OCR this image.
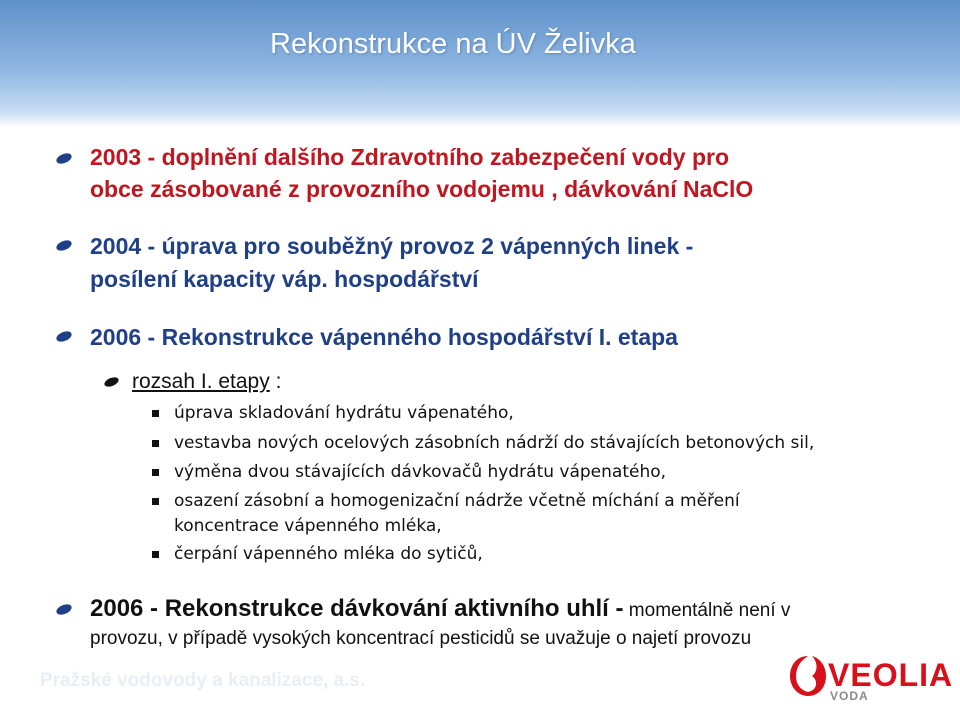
Rekonstrukce na ÚV Želivka
2003 - doplnění dalšího Zdravotního zabezpečení vody pro
obce zásobované z provozního vodojemu , dávkování NaClO
2004 - úprava pro souběžný provoz 2 vápenných linek -
posílení kapacity váp. hospodářství
2006 - Rekonstrukce vápenného hospodářství I. etapa
rozsah I. etapy :
úprava skladování hydrátu vápenatého,
vestavba nových ocelových zásobních nádrží do stávajících betonových sil,
výměna dvou stávajících dávkovačů hydrátu vápenatého,
osazení zásobní a homogenizační nádrže včetně míchání a měření
koncentrace vápenného mléka,
čerpání vápenného mléka do sytičů,
2006 - Rekonstrukce dávkování aktivního uhlí - momentálně není v
provozu, v případě vysokých koncentrací pesticidů se uvažuje o najetí provozu
Pražské vodovody a kanalizace, a.s.	VEOLIA
VODA
